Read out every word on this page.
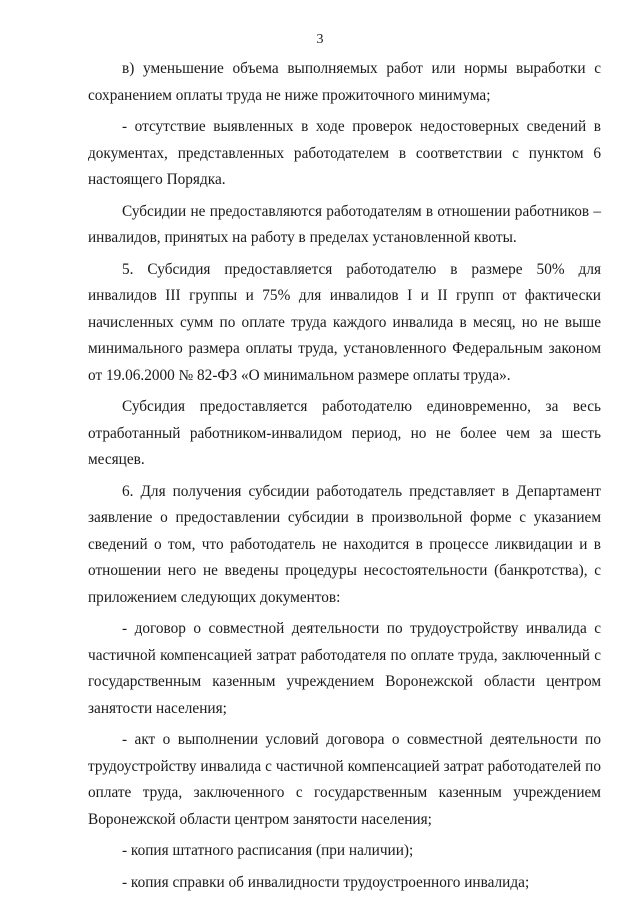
3

в) уменьшение объема выполняемых работ или нормы выработки с сохранением оплаты труда не ниже прожиточного минимума;

- отсутствие выявленных в ходе проверок недостоверных сведений в документах, представленных работодателем в соответствии с пунктом 6 настоящего Порядка.

Субсидии не предоставляются работодателям в отношении работников – инвалидов, принятых на работу в пределах установленной квоты.

5. Субсидия предоставляется работодателю в размере 50% для инвалидов III группы и 75% для инвалидов I и II групп от фактически начисленных сумм по оплате труда каждого инвалида в месяц, но не выше минимального размера оплаты труда, установленного Федеральным законом от 19.06.2000 № 82-ФЗ «О минимальном размере оплаты труда».

Субсидия предоставляется работодателю единовременно, за весь отработанный работником-инвалидом период, но не более чем за шесть месяцев.

6. Для получения субсидии работодатель представляет в Департамент заявление о предоставлении субсидии в произвольной форме с указанием сведений о том, что работодатель не находится в процессе ликвидации и в отношении него не введены процедуры несостоятельности (банкротства), с приложением следующих документов:

- договор о совместной деятельности по трудоустройству инвалида с частичной компенсацией затрат работодателя по оплате труда, заключенный с государственным казенным учреждением Воронежской области центром занятости населения;

- акт о выполнении условий договора о совместной деятельности по трудоустройству инвалида с частичной компенсацией затрат работодателей по оплате труда, заключенного с государственным казенным учреждением Воронежской области центром занятости населения;

- копия штатного расписания (при наличии);

- копия справки об инвалидности трудоустроенного инвалида;
